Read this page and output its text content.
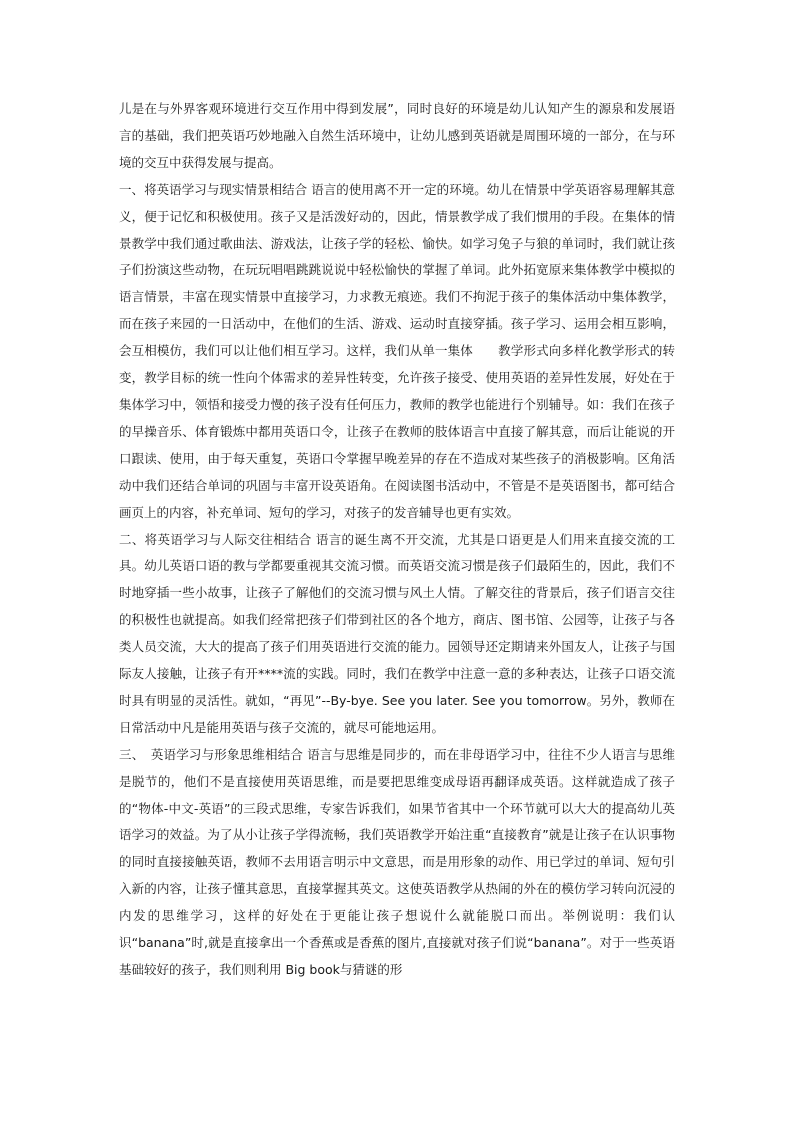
儿是在与外界客观环境进行交互作用中得到发展”，同时良好的环境是幼儿认知产生的源泉和发展语言的基础，我们把英语巧妙地融入自然生活环境中，让幼儿感到英语就是周围环境的一部分，在与环境的交互中获得发展与提高。

一、将英语学习与现实情景相结合 语言的使用离不开一定的环境。幼儿在情景中学英语容易理解其意义，便于记忆和积极使用。孩子又是活泼好动的，因此，情景教学成了我们惯用的手段。在集体的情景教学中我们通过歌曲法、游戏法，让孩子学的轻松、愉快。如学习兔子与狼的单词时，我们就让孩子们扮演这些动物，在玩玩唱唱跳跳说说中轻松愉快的掌握了单词。此外拓宽原来集体教学中模拟的语言情景，丰富在现实情景中直接学习，力求教无痕迹。我们不拘泥于孩子的集体活动中集体教学，而在孩子来园的一日活动中，在他们的生活、游戏、运动时直接穿插。孩子学习、运用会相互影响，会互相模仿，我们可以让他们相互学习。这样，我们从单一集体　　教学形式向多样化教学形式的转变，教学目标的统一性向个体需求的差异性转变，允许孩子接受、使用英语的差异性发展，好处在于集体学习中，领悟和接受力慢的孩子没有任何压力，教师的教学也能进行个别辅导。如：我们在孩子的早操音乐、体育锻炼中都用英语口令，让孩子在教师的肢体语言中直接了解其意，而后让能说的开口跟读、使用，由于每天重复，英语口令掌握早晚差异的存在不造成对某些孩子的消极影响。区角活动中我们还结合单词的巩固与丰富开设英语角。在阅读图书活动中，不管是不是英语图书，都可结合画页上的内容，补充单词、短句的学习，对孩子的发音辅导也更有实效。

二、将英语学习与人际交往相结合 语言的诞生离不开交流，尤其是口语更是人们用来直接交流的工具。幼儿英语口语的教与学都要重视其交流习惯。而英语交流习惯是孩子们最陌生的，因此，我们不时地穿插一些小故事，让孩子了解他们的交流习惯与风土人情。了解交往的背景后，孩子们语言交往的积极性也就提高。如我们经常把孩子们带到社区的各个地方，商店、图书馆、公园等，让孩子与各类人员交流，大大的提高了孩子们用英语进行交流的能力。园领导还定期请来外国友人，让孩子与国际友人接触，让孩子有开****流的实践。同时，我们在教学中注意一意的多种表达，让孩子口语交流时具有明显的灵活性。就如，“再见”--By-bye. See you later. See you tomorrow。另外，教师在日常活动中凡是能用英语与孩子交流的，就尽可能地运用。

三、　英语学习与形象思维相结合 语言与思维是同步的，而在非母语学习中，往往不少人语言与思维是脱节的，他们不是直接使用英语思维，而是要把思维变成母语再翻译成英语。这样就造成了孩子的“物体-中文-英语”的三段式思维，专家告诉我们，如果节省其中一个环节就可以大大的提高幼儿英语学习的效益。为了从小让孩子学得流畅，我们英语教学开始注重“直接教育”就是让孩子在认识事物的同时直接接触英语，教师不去用语言明示中文意思，而是用形象的动作、用已学过的单词、短句引入新的内容，让孩子懂其意思，直接掌握其英文。这使英语教学从热闹的外在的模仿学习转向沉浸的内发的思维学习，这样的好处在于更能让孩子想说什么就能脱口而出。举例说明：我们认识“banana”时,就是直接拿出一个香蕉或是香蕉的图片,直接就对孩子们说“banana”。对于一些英语基础较好的孩子，我们则利用 Big book与猜谜的形
